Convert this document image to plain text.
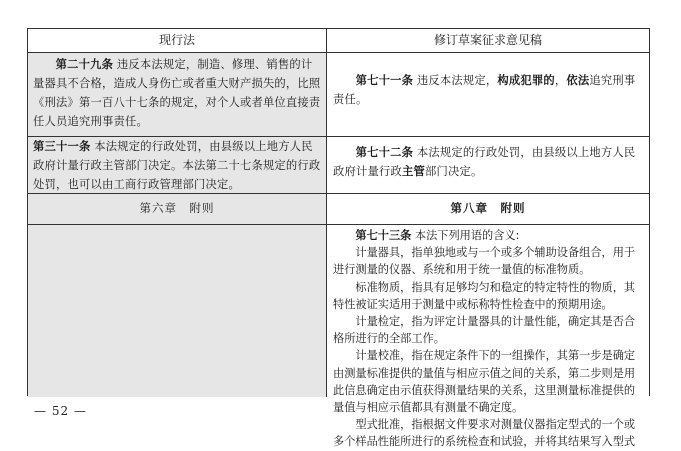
现行法	修订草案征求意见稿

第二十九条 违反本法规定，制造、修理、销售的计量器具不合格，造成人身伤亡或者重大财产损失的，比照《刑法》第一百八十七条的规定，对个人或者单位直接责任人员追究刑事责任。

第七十一条 违反本法规定，构成犯罪的，依法追究刑事责任。

第三十一条 本法规定的行政处罚，由县级以上地方人民政府计量行政主管部门决定。本法第二十七条规定的行政处罚，也可以由工商行政管理部门决定。

第七十二条 本法规定的行政处罚，由县级以上地方人民政府计量行政主管部门决定。

第六章　附则	第八章　附则

第七十三条 本法下列用语的含义:

计量器具，指单独地或与一个或多个辅助设备组合，用于进行测量的仪器、系统和用于统一量值的标准物质。

标准物质，指具有足够均匀和稳定的特定特性的物质，其特性被证实适用于测量中或标称特性检查中的预期用途。

计量检定，指为评定计量器具的计量性能，确定其是否合格所进行的全部工作。

计量校准，指在规定条件下的一组操作，其第一步是确定由测量标准提供的量值与相应示值之间的关系，第二步则是用此信息确定由示值获得测量结果的关系，这里测量标准提供的量值与相应示值都具有测量不确定度。

型式批准，指根据文件要求对测量仪器指定型式的一个或多个样品性能所进行的系统检查和试验，并将其结果写入型式

— 52 —
